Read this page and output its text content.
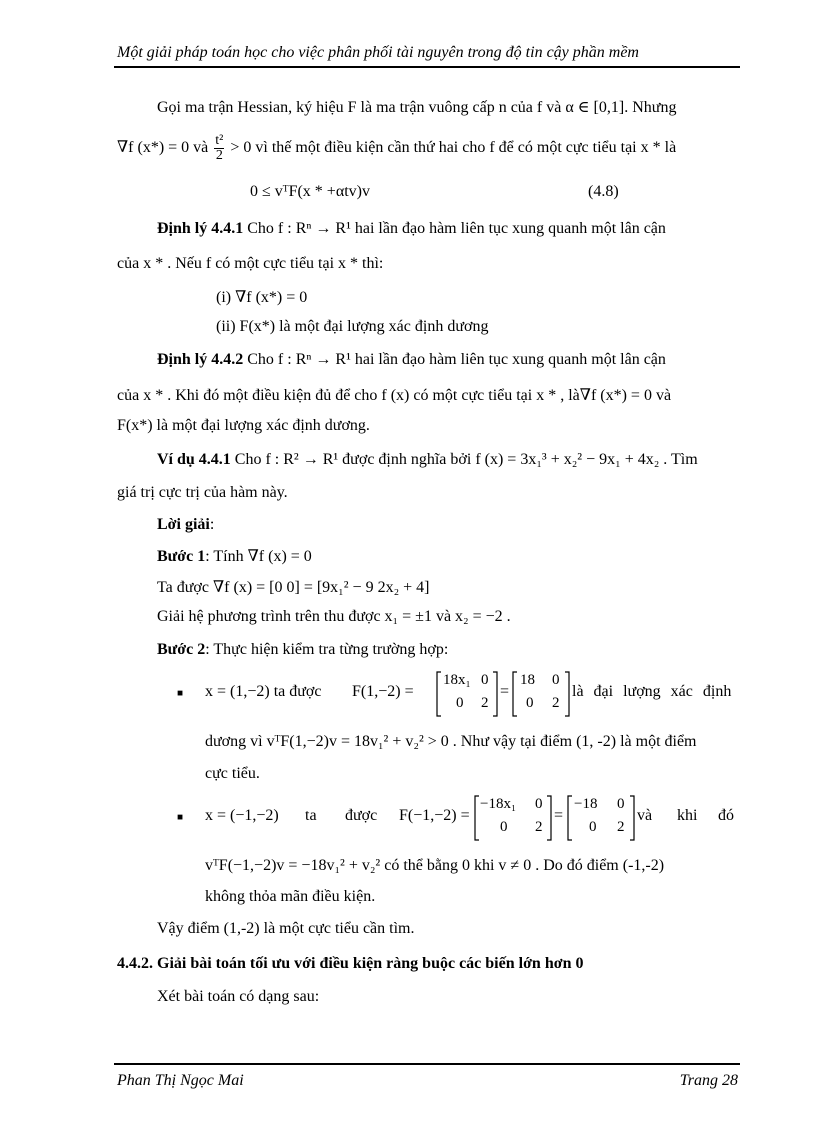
Một giải pháp toán học cho việc phân phối tài nguyên trong độ tin cậy phần mềm
Gọi ma trận Hessian, ký hiệu F là ma trận vuông cấp n của f và α ∈ [0,1]. Nhưng
∇f (x*) = 0 và $\frac{\text{t²}}{2} > 0$ vì thế một điều kiện cần thứ hai cho f để có một cực tiểu tại x * là
0 ≤ vᵀF(x * +αtv)v	(4.8)
Định lý 4.4.1 Cho f : Rⁿ → R¹ hai lần đạo hàm liên tục xung quanh một lân cận
của x * . Nếu f có một cực tiểu tại x * thì:
(i) ∇f (x*) = 0
(ii) F(x*) là một đại lượng xác định dương
Định lý 4.4.2 Cho f : Rⁿ → R¹ hai lần đạo hàm liên tục xung quanh một lân cận
của x * . Khi đó một điều kiện đủ để cho f (x) có một cực tiểu tại x * , là∇f (x*) = 0 và
F(x*) là một đại lượng xác định dương.
Ví dụ 4.4.1 Cho f : R² → R¹ được định nghĩa bởi f (x) = 3x₁³ + x₂² − 9x₁ + 4x₂ . Tìm
giá trị cực trị của hàm này.
Lời giải:
Bước 1: Tính ∇f (x) = 0
Ta được ∇f (x) = [0 0] = [9x₁² − 9 2x₂ + 4]
Giải hệ phương trình trên thu được x₁ = ±1 và x₂ = −2 .
Bước 2: Thực hiện kiểm tra từng trường hợp:
■ x = (1,−2) ta được F(1,−2) =
18x₁ 0
0 2
=
18 0
0 2
là đại lượng xác định
dương vì vᵀF(1,−2)v = 18v₁² + v₂² > 0 . Như vậy tại điểm (1, -2) là một điểm
cực tiểu.
■ x = (−1,−2) ta được F(−1,−2) =
−18x₁ 0
0 2
=
−18 0
0 2
và khi đó
vᵀF(−1,−2)v = −18v₁² + v₂² có thể bằng 0 khi v ≠ 0 . Do đó điểm (-1,-2)
không thỏa mãn điều kiện.
Vậy điểm (1,-2) là một cực tiểu cần tìm.
4.4.2. Giải bài toán tối ưu với điều kiện ràng buộc các biến lớn hơn 0
Xét bài toán có dạng sau:
Phan Thị Ngọc Mai	Trang 28
